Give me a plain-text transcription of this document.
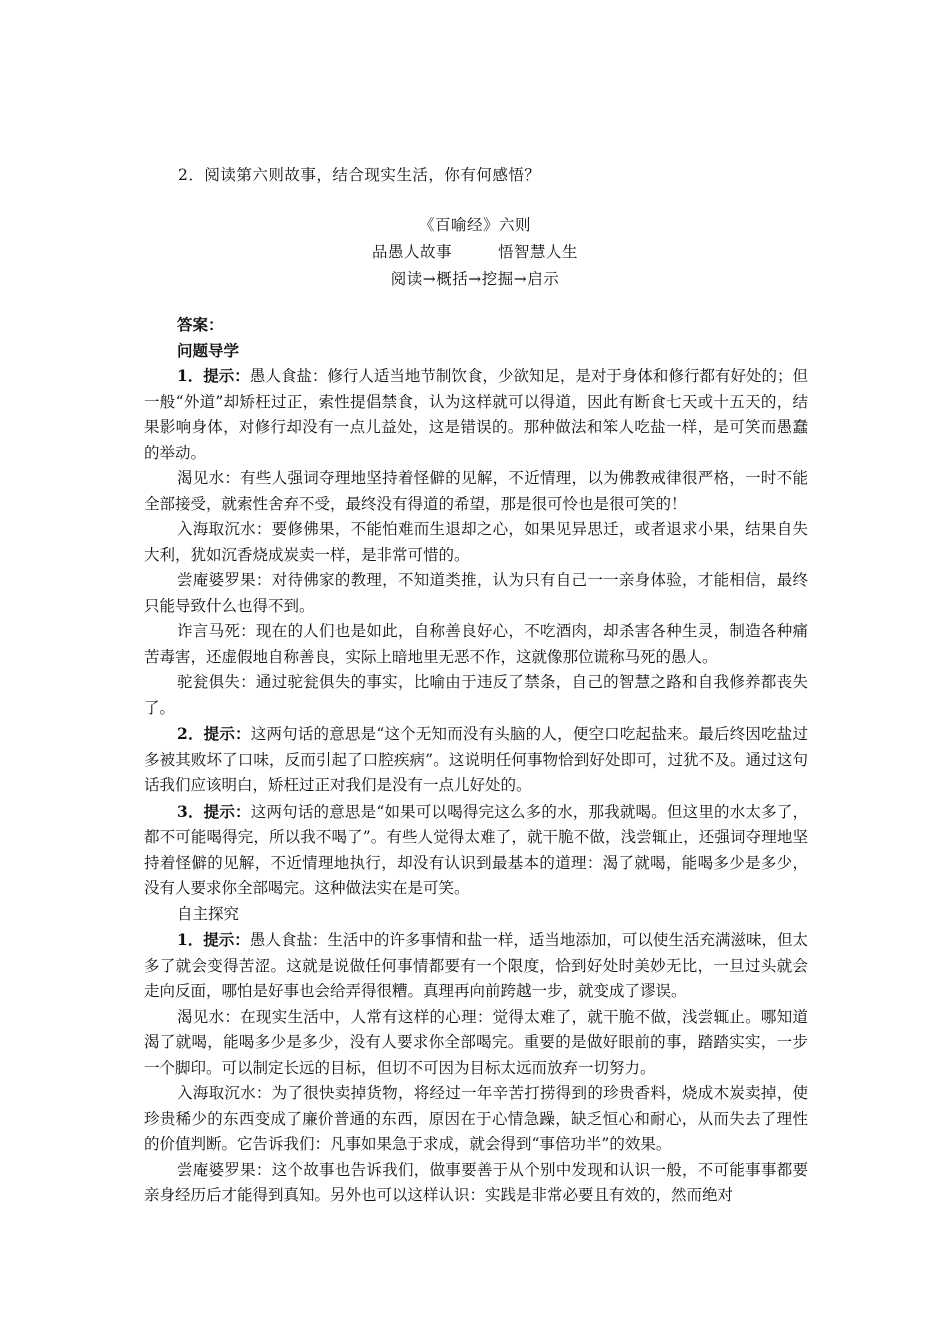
2．阅读第六则故事，结合现实生活，你有何感悟？
《百喻经》六则
品愚人故事	悟智慧人生
阅读→概括→挖掘→启示

答案：

问题导学

1．提示：愚人食盐：修行人适当地节制饮食，少欲知足，是对于身体和修行都有好处的；但一般“外道”却矫枉过正，索性提倡禁食，认为这样就可以得道，因此有断食七天或十五天的，结果影响身体，对修行却没有一点儿益处，这是错误的。那种做法和笨人吃盐一样，是可笑而愚蠢的举动。

渴见水：有些人强词夺理地坚持着怪僻的见解，不近情理，以为佛教戒律很严格，一时不能全部接受，就索性舍弃不受，最终没有得道的希望，那是很可怜也是很可笑的！

入海取沉水：要修佛果，不能怕难而生退却之心，如果见异思迁，或者退求小果，结果自失大利，犹如沉香烧成炭卖一样，是非常可惜的。

尝庵婆罗果：对待佛家的教理，不知道类推，认为只有自己一一亲身体验，才能相信，最终只能导致什么也得不到。

诈言马死：现在的人们也是如此，自称善良好心，不吃酒肉，却杀害各种生灵，制造各种痛苦毒害，还虚假地自称善良，实际上暗地里无恶不作，这就像那位谎称马死的愚人。

驼瓮俱失：通过驼瓮俱失的事实，比喻由于违反了禁条，自己的智慧之路和自我修养都丧失了。

2．提示：这两句话的意思是“这个无知而没有头脑的人，便空口吃起盐来。最后终因吃盐过多被其败坏了口味，反而引起了口腔疾病”。这说明任何事物恰到好处即可，过犹不及。通过这句话我们应该明白，矫枉过正对我们是没有一点儿好处的。

3．提示：这两句话的意思是“如果可以喝得完这么多的水，那我就喝。但这里的水太多了，都不可能喝得完，所以我不喝了”。有些人觉得太难了，就干脆不做，浅尝辄止，还强词夺理地坚持着怪僻的见解，不近情理地执行，却没有认识到最基本的道理：渴了就喝，能喝多少是多少，没有人要求你全部喝完。这种做法实在是可笑。

自主探究

1．提示：愚人食盐：生活中的许多事情和盐一样，适当地添加，可以使生活充满滋味，但太多了就会变得苦涩。这就是说做任何事情都要有一个限度，恰到好处时美妙无比，一旦过头就会走向反面，哪怕是好事也会给弄得很糟。真理再向前跨越一步，就变成了谬误。

渴见水：在现实生活中，人常有这样的心理：觉得太难了，就干脆不做，浅尝辄止。哪知道渴了就喝，能喝多少是多少，没有人要求你全部喝完。重要的是做好眼前的事，踏踏实实，一步一个脚印。可以制定长远的目标，但切不可因为目标太远而放弃一切努力。

入海取沉水：为了很快卖掉货物，将经过一年辛苦打捞得到的珍贵香料，烧成木炭卖掉，使珍贵稀少的东西变成了廉价普通的东西，原因在于心情急躁，缺乏恒心和耐心，从而失去了理性的价值判断。它告诉我们：凡事如果急于求成，就会得到“事倍功半”的效果。

尝庵婆罗果：这个故事也告诉我们，做事要善于从个别中发现和认识一般，不可能事事都要亲身经历后才能得到真知。另外也可以这样认识：实践是非常必要且有效的，然而绝对
